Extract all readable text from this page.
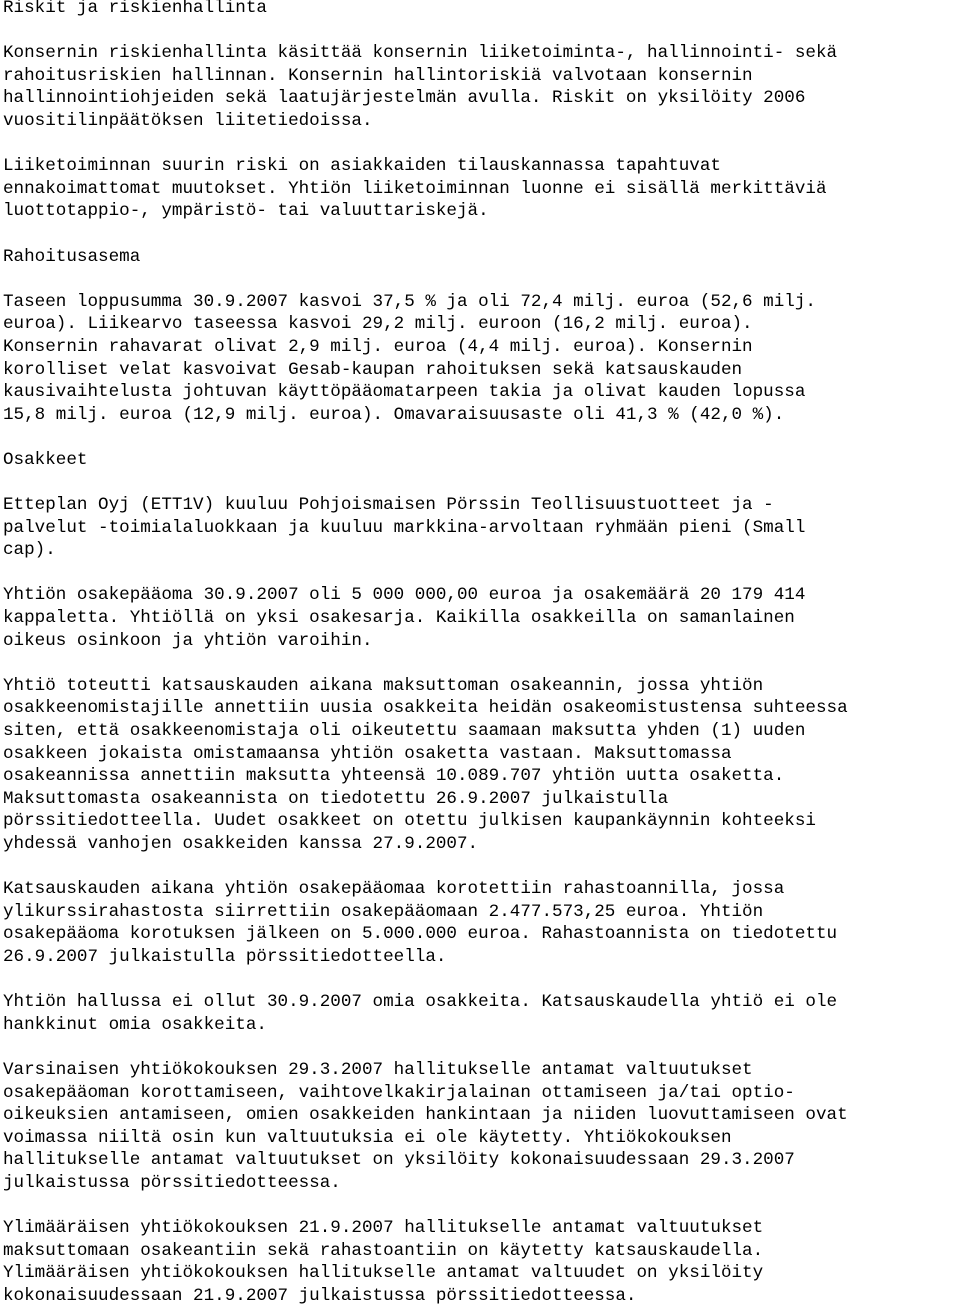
Riskit ja riskienhallinta
Konsernin riskienhallinta käsittää konsernin liiketoiminta-, hallinnointi- sekä
rahoitusriskien hallinnan. Konsernin hallintoriskiä valvotaan konsernin
hallinnointiohjeiden sekä laatujärjestelmän avulla. Riskit on yksilöity 2006
vuositilinpäätöksen liitetiedoissa.
Liiketoiminnan suurin riski on asiakkaiden tilauskannassa tapahtuvat
ennakoimattomat muutokset. Yhtiön liiketoiminnan luonne ei sisällä merkittäviä
luottotappio-, ympäristö- tai valuuttariskejä.
Rahoitusasema
Taseen loppusumma 30.9.2007 kasvoi 37,5 % ja oli 72,4 milj. euroa (52,6 milj.
euroa). Liikearvo taseessa kasvoi 29,2 milj. euroon (16,2 milj. euroa).
Konsernin rahavarat olivat 2,9 milj. euroa (4,4 milj. euroa). Konsernin
korolliset velat kasvoivat Gesab-kaupan rahoituksen sekä katsauskauden
kausivaihtelusta johtuvan käyttöpääomatarpeen takia ja olivat kauden lopussa
15,8 milj. euroa (12,9 milj. euroa). Omavaraisuusaste oli 41,3 % (42,0 %).
Osakkeet
Etteplan Oyj (ETT1V) kuuluu Pohjoismaisen Pörssin Teollisuustuotteet ja -
palvelut -toimialaluokkaan ja kuuluu markkina-arvoltaan ryhmään pieni (Small
cap).
Yhtiön osakepääoma 30.9.2007 oli 5 000 000,00 euroa ja osakemäärä 20 179 414
kappaletta. Yhtiöllä on yksi osakesarja. Kaikilla osakkeilla on samanlainen
oikeus osinkoon ja yhtiön varoihin.
Yhtiö toteutti katsauskauden aikana maksuttoman osakeannin, jossa yhtiön
osakkeenomistajille annettiin uusia osakkeita heidän osakeomistustensa suhteessa
siten, että osakkeenomistaja oli oikeutettu saamaan maksutta yhden (1) uuden
osakkeen jokaista omistamaansa yhtiön osaketta vastaan. Maksuttomassa
osakeannissa annettiin maksutta yhteensä 10.089.707 yhtiön uutta osaketta.
Maksuttomasta osakeannista on tiedotettu 26.9.2007 julkaistulla
pörssitiedotteella. Uudet osakkeet on otettu julkisen kaupankäynnin kohteeksi
yhdessä vanhojen osakkeiden kanssa 27.9.2007.
Katsauskauden aikana yhtiön osakepääomaa korotettiin rahastoannilla, jossa
ylikurssirahastosta siirrettiin osakepääomaan 2.477.573,25 euroa. Yhtiön
osakepääoma korotuksen jälkeen on 5.000.000 euroa. Rahastoannista on tiedotettu
26.9.2007 julkaistulla pörssitiedotteella.
Yhtiön hallussa ei ollut 30.9.2007 omia osakkeita. Katsauskaudella yhtiö ei ole
hankkinut omia osakkeita.
Varsinaisen yhtiökokouksen 29.3.2007 hallitukselle antamat valtuutukset
osakepääoman korottamiseen, vaihtovelkakirjalainan ottamiseen ja/tai optio-
oikeuksien antamiseen, omien osakkeiden hankintaan ja niiden luovuttamiseen ovat
voimassa niiltä osin kun valtuutuksia ei ole käytetty. Yhtiökokouksen
hallitukselle antamat valtuutukset on yksilöity kokonaisuudessaan 29.3.2007
julkaistussa pörssitiedotteessa.
Ylimääräisen yhtiökokouksen 21.9.2007 hallitukselle antamat valtuutukset
maksuttomaan osakeantiin sekä rahastoantiin on käytetty katsauskaudella.
Ylimääräisen yhtiökokouksen hallitukselle antamat valtuudet on yksilöity
kokonaisuudessaan 21.9.2007 julkaistussa pörssitiedotteessa.
